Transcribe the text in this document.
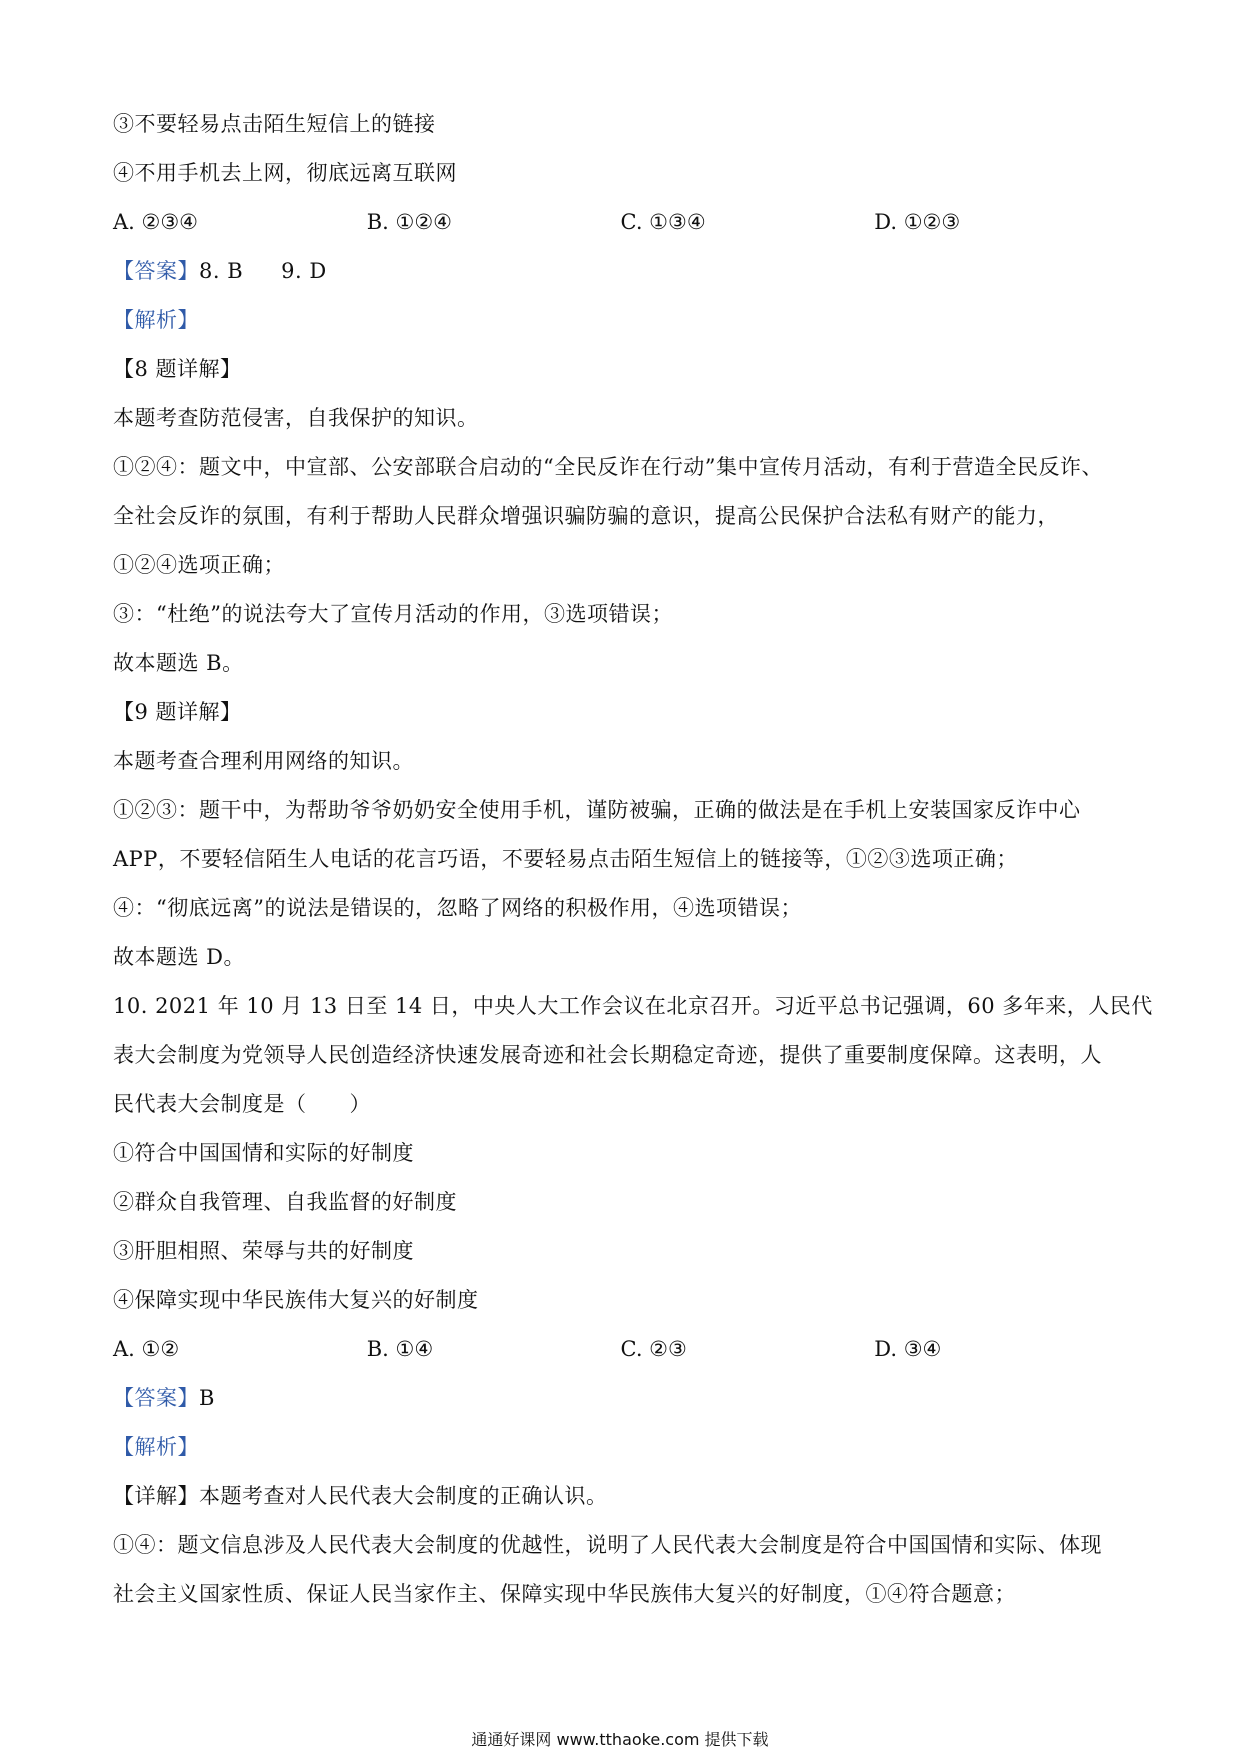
③不要轻易点击陌生短信上的链接
④不用手机去上网，彻底远离互联网
A. ②③④	B. ①②④	C. ①③④	D. ①②③
【答案】8. B 9. D
【解析】
【8 题详解】
本题考查防范侵害，自我保护的知识。
①②④：题文中，中宣部、公安部联合启动的“全民反诈在行动”集中宣传月活动，有利于营造全民反诈、
全社会反诈的氛围，有利于帮助人民群众增强识骗防骗的意识，提高公民保护合法私有财产的能力，
①②④选项正确；
③：“杜绝”的说法夸大了宣传月活动的作用，③选项错误；
故本题选 B。
【9 题详解】
本题考查合理利用网络的知识。
①②③：题干中，为帮助爷爷奶奶安全使用手机，谨防被骗，正确的做法是在手机上安装国家反诈中心
APP，不要轻信陌生人电话的花言巧语，不要轻易点击陌生短信上的链接等，①②③选项正确；
④：“彻底远离”的说法是错误的，忽略了网络的积极作用，④选项错误；
故本题选 D。
10. 2021 年 10 月 13 日至 14 日，中央人大工作会议在北京召开。习近平总书记强调，60 多年来，人民代
表大会制度为党领导人民创造经济快速发展奇迹和社会长期稳定奇迹，提供了重要制度保障。这表明，人
民代表大会制度是（　　）
①符合中国国情和实际的好制度
②群众自我管理、自我监督的好制度
③肝胆相照、荣辱与共的好制度
④保障实现中华民族伟大复兴的好制度
A. ①②	B. ①④	C. ②③	D. ③④
【答案】B
【解析】
【详解】本题考查对人民代表大会制度的正确认识。
①④：题文信息涉及人民代表大会制度的优越性，说明了人民代表大会制度是符合中国国情和实际、体现
社会主义国家性质、保证人民当家作主、保障实现中华民族伟大复兴的好制度，①④符合题意；
通通好课网 www.tthaoke.com 提供下载
